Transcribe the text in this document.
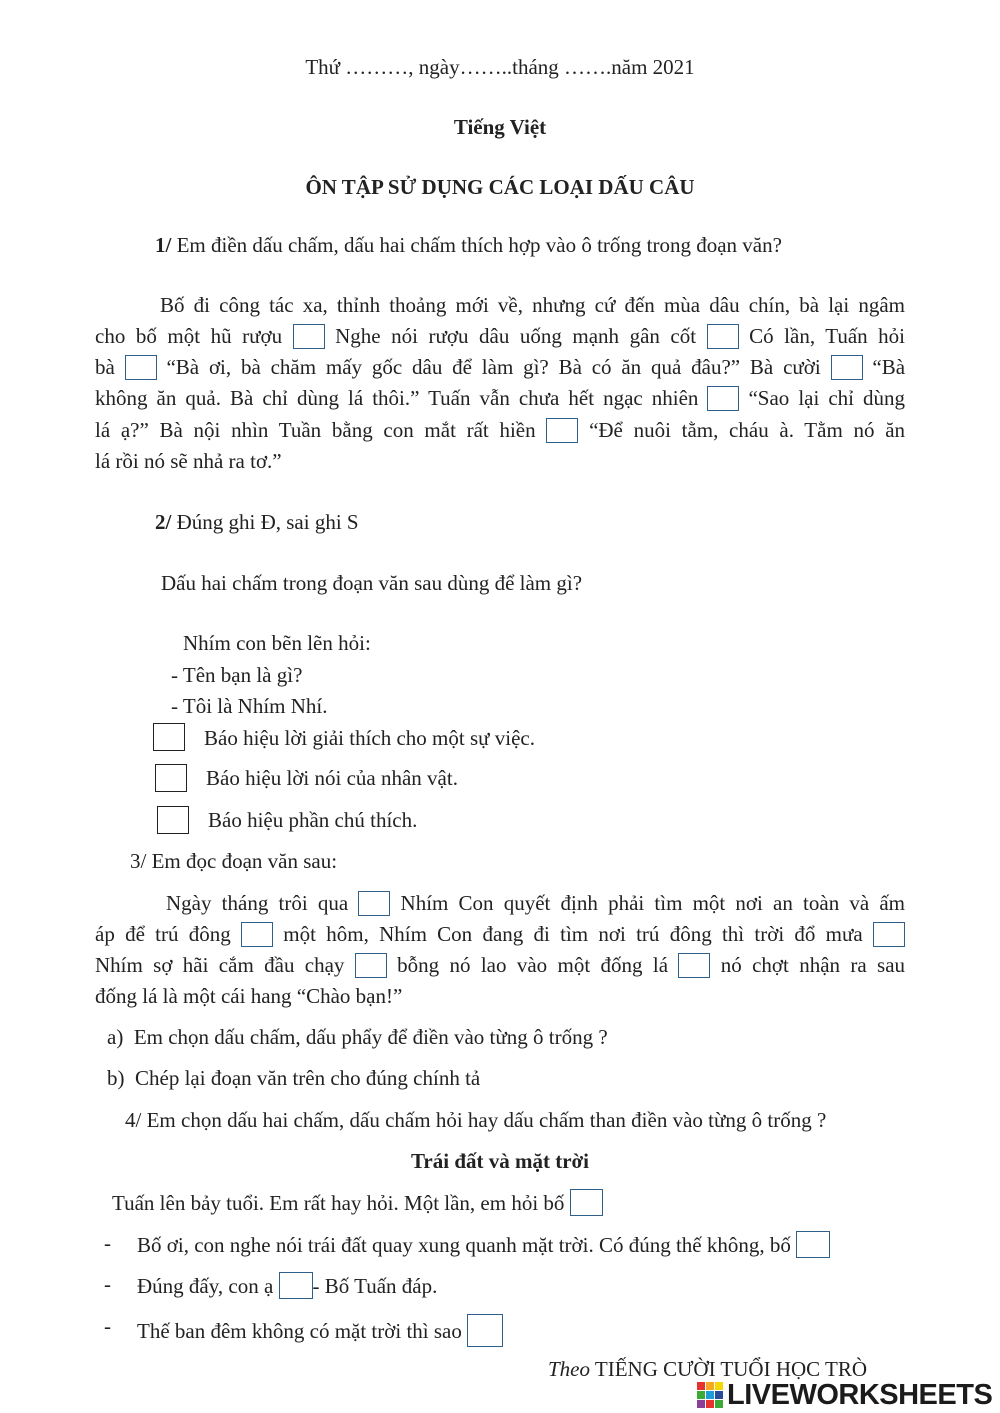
Thứ ………, ngày……..tháng …….năm 2021
Tiếng Việt
ÔN TẬP SỬ DỤNG CÁC LOẠI DẤU CÂU
1/ Em điền dấu chấm, dấu hai chấm thích hợp vào ô trống trong đoạn văn?
Bố đi công tác xa, thỉnh thoảng mới về, nhưng cứ đến mùa dâu chín, bà lại ngâm
cho bố một hũ rượu	Nghe nói rượu dâu uống mạnh gân cốt	Có lần, Tuấn hỏi
bà “Bà ơi, bà chăm mấy gốc dâu để làm gì? Bà có ăn quả đâu?” Bà cười “Bà
không ăn quả. Bà chỉ dùng lá thôi.” Tuấn vẫn chưa hết ngạc nhiên “Sao lại chỉ dùng
lá ạ?” Bà nội nhìn Tuần bằng con mắt rất hiền	“Để nuôi tằm, cháu à. Tằm nó ăn
lá rồi nó sẽ nhả ra tơ.”
2/ Đúng ghi Đ, sai ghi S
Dấu hai chấm trong đoạn văn sau dùng để làm gì?
Nhím con bẽn lẽn hỏi:
- Tên bạn là gì?
- Tôi là Nhím Nhí.
Báo hiệu lời giải thích cho một sự việc.
Báo hiệu lời nói của nhân vật.
Báo hiệu phần chú thích.
3/ Em đọc đoạn văn sau:
Ngày tháng trôi qua Nhím Con quyết định phải tìm một nơi an toàn và ấm
áp để trú đông	một hôm, Nhím Con đang đi tìm nơi trú đông thì trời đổ mưa
Nhím sợ hãi cắm đầu chạy	bỗng nó lao vào một đống lá	nó chợt nhận ra sau
đống lá là một cái hang “Chào bạn!”
a) Em chọn dấu chấm, dấu phẩy để điền vào từng ô trống ?
b) Chép lại đoạn văn trên cho đúng chính tả
4/ Em chọn dấu hai chấm, dấu chấm hỏi hay dấu chấm than điền vào từng ô trống ?
Trái đất và mặt trời
Tuấn lên bảy tuổi. Em rất hay hỏi. Một lần, em hỏi bố
- Bố ơi, con nghe nói trái đất quay xung quanh mặt trời. Có đúng thế không, bố
- Đúng đấy, con ạ - Bố Tuấn đáp.
- Thế ban đêm không có mặt trời thì sao
Theo TIẾNG CƯỜI TUỔI HỌC TRÒ
LIVEWORKSHEETS
